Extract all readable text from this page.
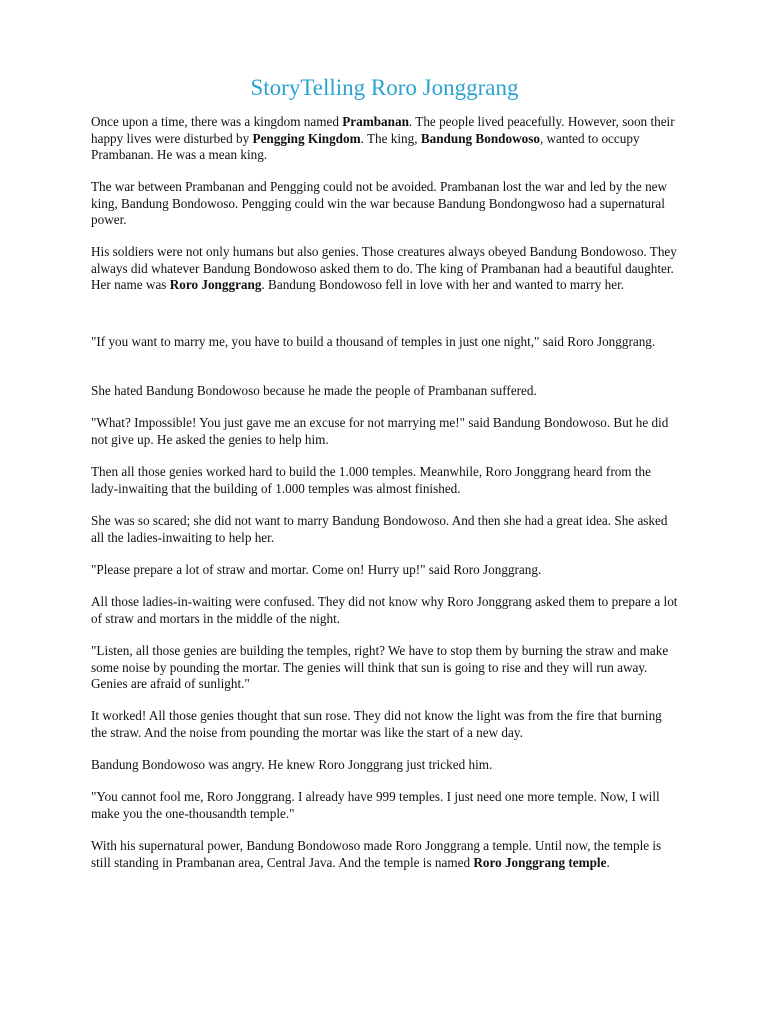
StoryTelling Roro Jonggrang

Once upon a time, there was a kingdom named Prambanan. The people lived peacefully. However, soon their happy lives were disturbed by Pengging Kingdom. The king, Bandung Bondowoso, wanted to occupy Prambanan. He was a mean king.

The war between Prambanan and Pengging could not be avoided. Prambanan lost the war and led by the new king, Bandung Bondowoso. Pengging could win the war because Bandung Bondongwoso had a supernatural power.

His soldiers were not only humans but also genies. Those creatures always obeyed Bandung Bondowoso. They always did whatever Bandung Bondowoso asked them to do. The king of Prambanan had a beautiful daughter. Her name was Roro Jonggrang. Bandung Bondowoso fell in love with her and wanted to marry her.

"If you want to marry me, you have to build a thousand of temples in just one night," said Roro Jonggrang.

She hated Bandung Bondowoso because he made the people of Prambanan suffered.

"What? Impossible! You just gave me an excuse for not marrying me!" said Bandung Bondowoso. But he did not give up. He asked the genies to help him.

Then all those genies worked hard to build the 1.000 temples. Meanwhile, Roro Jonggrang heard from the lady-inwaiting that the building of 1.000 temples was almost finished.

She was so scared; she did not want to marry Bandung Bondowoso. And then she had a great idea. She asked all the ladies-inwaiting to help her.

"Please prepare a lot of straw and mortar. Come on! Hurry up!" said Roro Jonggrang.

All those ladies-in-waiting were confused. They did not know why Roro Jonggrang asked them to prepare a lot of straw and mortars in the middle of the night.

"Listen, all those genies are building the temples, right? We have to stop them by burning the straw and make some noise by pounding the mortar. The genies will think that sun is going to rise and they will run away. Genies are afraid of sunlight."

It worked! All those genies thought that sun rose. They did not know the light was from the fire that burning the straw. And the noise from pounding the mortar was like the start of a new day.

Bandung Bondowoso was angry. He knew Roro Jonggrang just tricked him.

"You cannot fool me, Roro Jonggrang. I already have 999 temples. I just need one more temple. Now, I will make you the one-thousandth temple."

With his supernatural power, Bandung Bondowoso made Roro Jonggrang a temple. Until now, the temple is still standing in Prambanan area, Central Java. And the temple is named Roro Jonggrang temple.
